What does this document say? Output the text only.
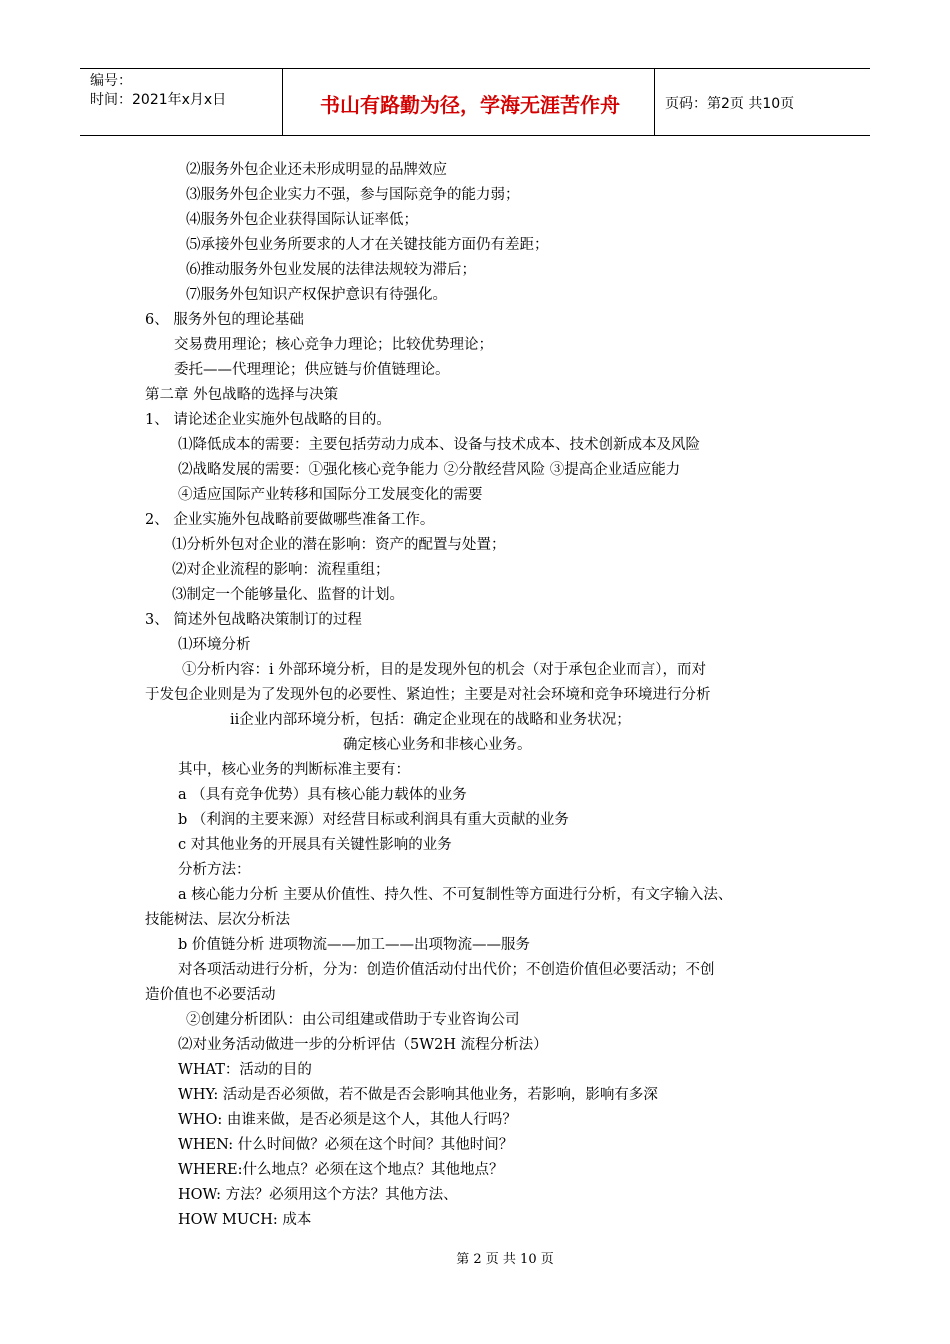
编号：
时间：2021年x月x日	书山有路勤为径，学海无涯苦作舟	页码：第2页 共10页
⑵服务外包企业还未形成明显的品牌效应
⑶服务外包企业实力不强，参与国际竞争的能力弱；
⑷服务外包企业获得国际认证率低；
⑸承接外包业务所要求的人才在关键技能方面仍有差距；
⑹推动服务外包业发展的法律法规较为滞后；
⑺服务外包知识产权保护意识有待强化。
6、 服务外包的理论基础
交易费用理论；核心竞争力理论；比较优势理论；
委托——代理理论；供应链与价值链理论。
第二章 外包战略的选择与决策
1、 请论述企业实施外包战略的目的。
⑴降低成本的需要：主要包括劳动力成本、设备与技术成本、技术创新成本及风险
⑵战略发展的需要：①强化核心竞争能力 ②分散经营风险 ③提高企业适应能力
④适应国际产业转移和国际分工发展变化的需要
2、 企业实施外包战略前要做哪些准备工作。
⑴分析外包对企业的潜在影响：资产的配置与处置；
⑵对企业流程的影响：流程重组；
⑶制定一个能够量化、监督的计划。
3、 简述外包战略决策制订的过程
⑴环境分析
①分析内容：i 外部环境分析，目的是发现外包的机会（对于承包企业而言），而对
于发包企业则是为了发现外包的必要性、紧迫性；主要是对社会环境和竞争环境进行分析
ii企业内部环境分析，包括：确定企业现在的战略和业务状况；
确定核心业务和非核心业务。
其中，核心业务的判断标准主要有：
a （具有竞争优势）具有核心能力载体的业务
b （利润的主要来源）对经营目标或利润具有重大贡献的业务
c 对其他业务的开展具有关键性影响的业务
分析方法：
a 核心能力分析 主要从价值性、持久性、不可复制性等方面进行分析，有文字输入法、
技能树法、层次分析法
b 价值链分析 进项物流——加工——出项物流——服务
对各项活动进行分析，分为：创造价值活动付出代价；不创造价值但必要活动；不创
造价值也不必要活动
②创建分析团队：由公司组建或借助于专业咨询公司
⑵对业务活动做进一步的分析评估（5W2H 流程分析法）
WHAT：活动的目的
WHY: 活动是否必须做，若不做是否会影响其他业务，若影响，影响有多深
WHO: 由谁来做，是否必须是这个人，其他人行吗？
WHEN: 什么时间做？必须在这个时间？其他时间？
WHERE:什么地点？必须在这个地点？其他地点？
HOW: 方法？必须用这个方法？其他方法、
HOW MUCH: 成本
第 2 页 共 10 页
